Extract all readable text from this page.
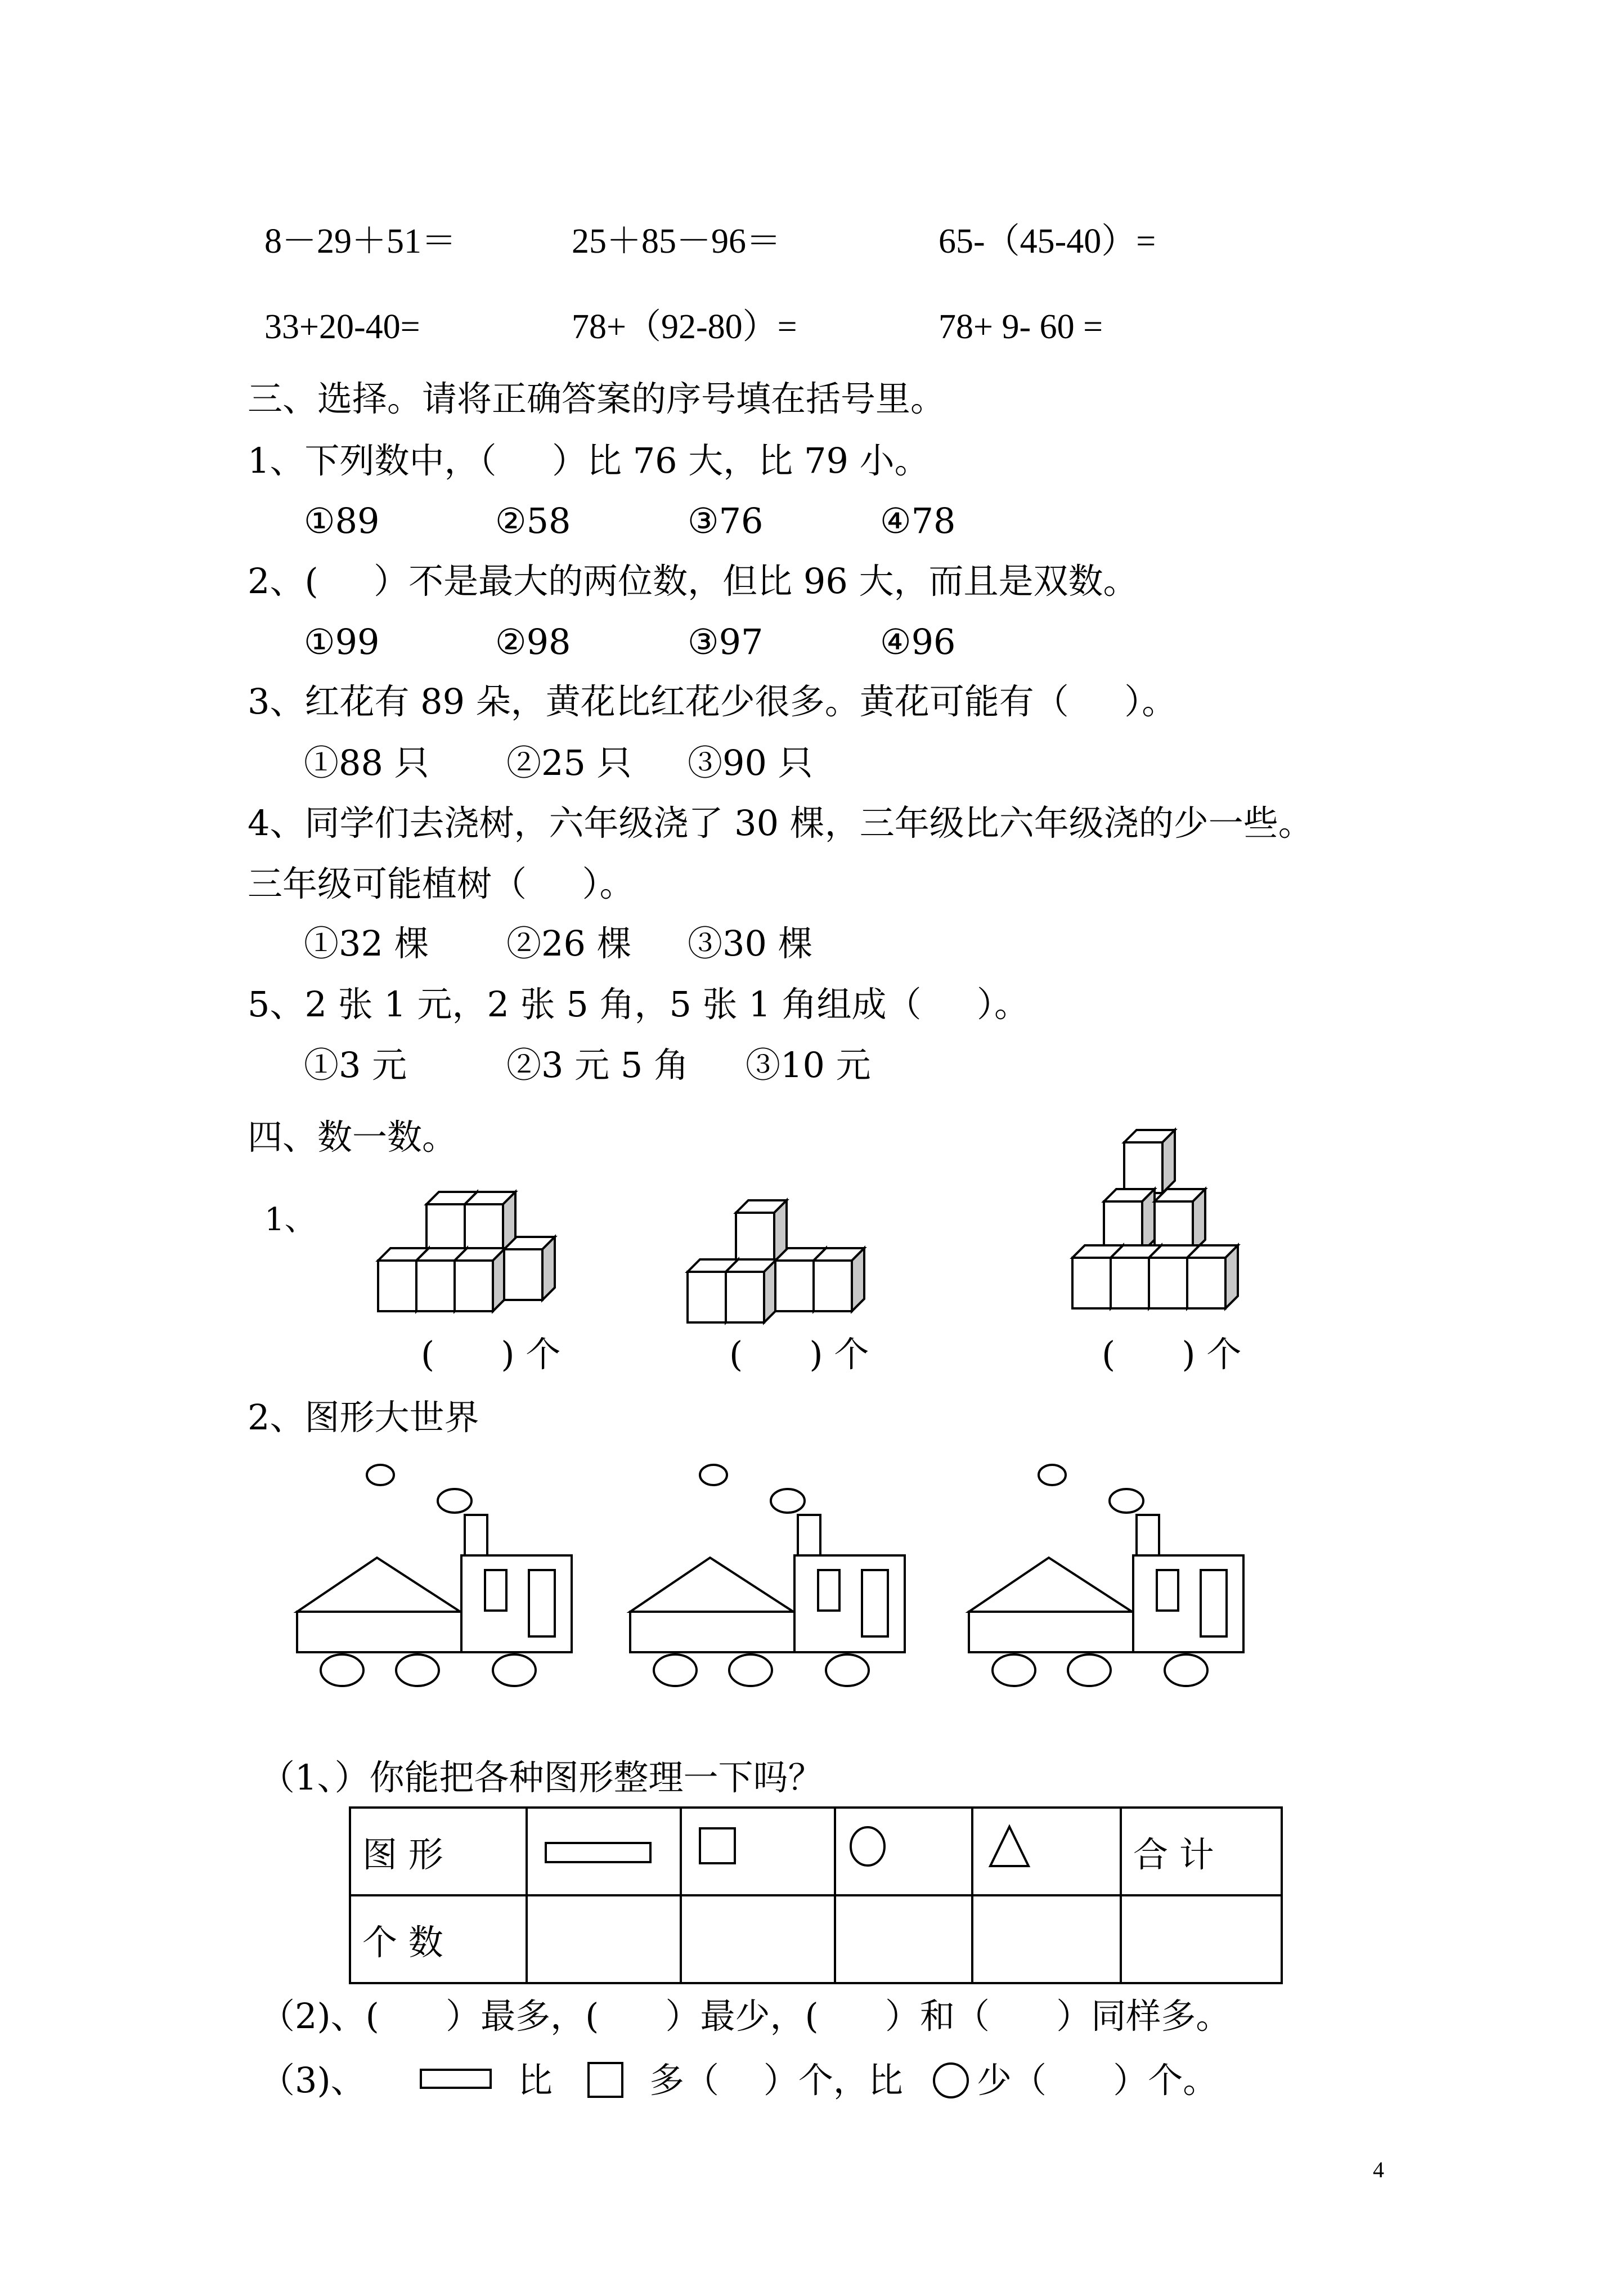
8－29＋51＝	25＋85－96＝	65-（45-40）=
33+20-40=	78+（92-80）=	78+ 9- 60 =
三、选择。请将正确答案的序号填在括号里。
1、下列数中，（     ）比 76 大，比 79 小。
①89	②58	③76	④78
2、(     ）不是最大的两位数，但比 96 大，而且是双数。
①99	②98	③97	④96
3、红花有 89 朵，黄花比红花少很多。黄花可能有（     ）。
①88 只 ②25 只 ③90 只
4、同学们去浇树，六年级浇了 30 棵，三年级比六年级浇的少一些。
三年级可能植树（     ）。
①32 棵 ②26 棵 ③30 棵
5、2 张 1 元，2 张 5 角，5 张 1 角组成（     ）。
①3 元	②3 元 5 角 ③10 元
四、数一数。
1、
(      ) 个	(      ) 个	(      ) 个
2、图形大世界
（1、）你能把各种图形整理一下吗？
图 形					合 计
个 数					
（2)、(      ）最多，(      ）最少，(      ）和（      ）同样多。
（3)、	比	多（    ）个，比 少（      ）个。
4
